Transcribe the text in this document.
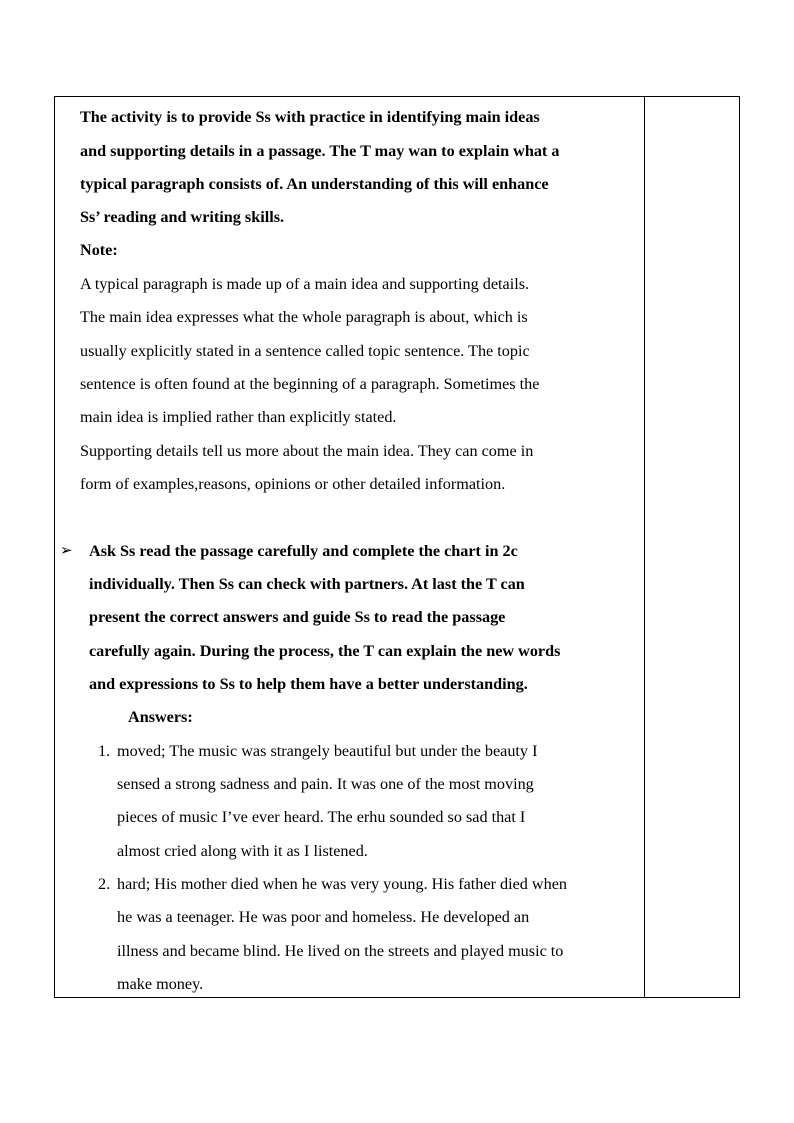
The activity is to provide Ss with practice in identifying main ideas
and supporting details in a passage. The T may wan to explain what a
typical paragraph consists of. An understanding of this will enhance
Ss’ reading and writing skills.
Note:
A typical paragraph is made up of a main idea and supporting details.
The main idea expresses what the whole paragraph is about, which is
usually explicitly stated in a sentence called topic sentence. The topic
sentence is often found at the beginning of a paragraph. Sometimes the
main idea is implied rather than explicitly stated.
Supporting details tell us more about the main idea. They can come in
form of examples,reasons, opinions or other detailed information.
➢ Ask Ss read the passage carefully and complete the chart in 2c
individually. Then Ss can check with partners. At last the T can
present the correct answers and guide Ss to read the passage
carefully again. During the process, the T can explain the new words
and expressions to Ss to help them have a better understanding.
Answers:
1. moved; The music was strangely beautiful but under the beauty I
sensed a strong sadness and pain. It was one of the most moving
pieces of music I’ve ever heard. The erhu sounded so sad that I
almost cried along with it as I listened.
2. hard; His mother died when he was very young. His father died when
he was a teenager. He was poor and homeless. He developed an
illness and became blind. He lived on the streets and played music to
make money.
